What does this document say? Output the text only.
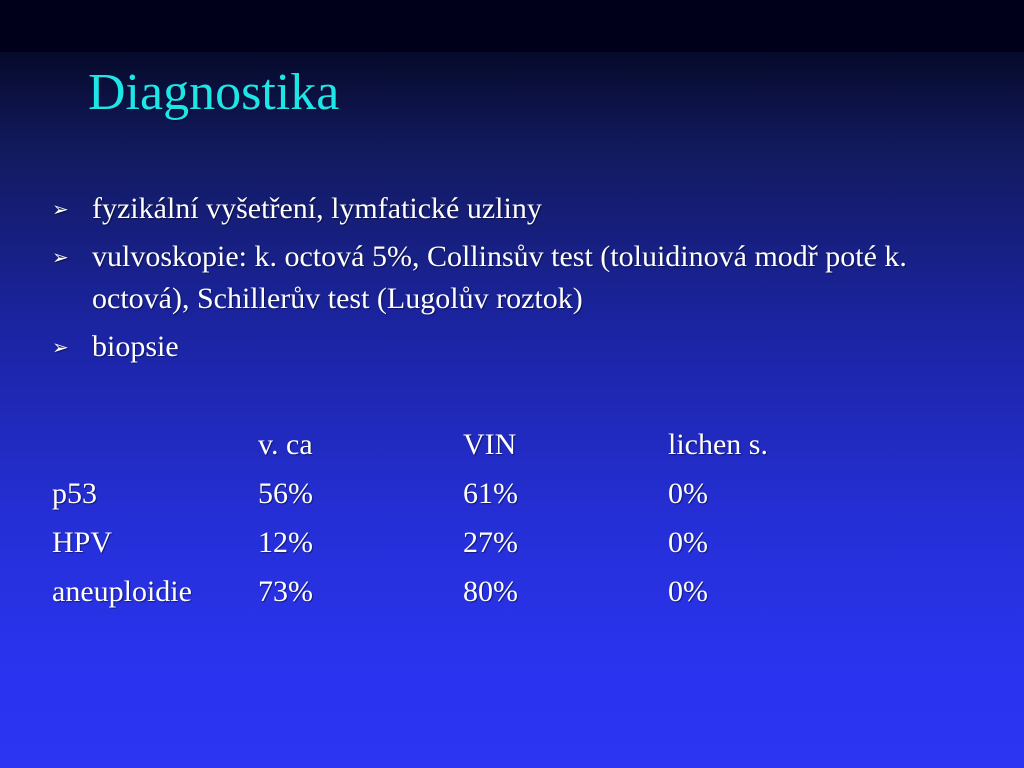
Diagnostika
➢ fyzikální vyšetření, lymfatické uzliny
➢ vulvoskopie: k. octová 5%, Collinsův test (toluidinová modř poté k. octová), Schillerův test (Lugolův roztok)
➢ biopsie
	v. ca	VIN	lichen s.
p53	56%	61%	0%
HPV	12%	27%	0%
aneuploidie	73%	80%	0%
